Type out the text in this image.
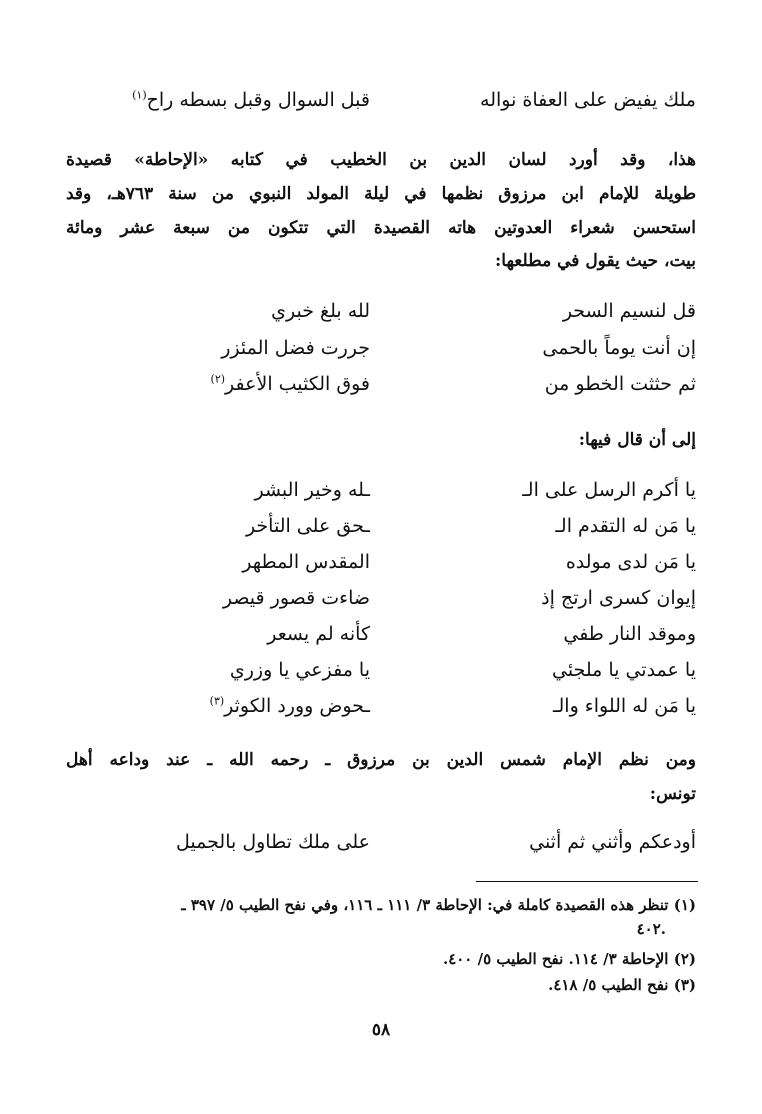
ملك يفيض على العفاة نواله
قبل السوال وقبل بسطه راح$^{(١)}$
هذا، وقد أورد لسان الدين بن الخطيب في كتابه «الإحاطة» قصيدة
طويلة للإمام ابن مرزوق نظمها في ليلة المولد النبوي من سنة ٧٦٣هـ، وقد
استحسن شعراء العدوتين هاته القصيدة التي تتكون من سبعة عشر ومائة
بيت، حيث يقول في مطلعها:
قل لنسيم السحر
لله بلغ خبري
إن أنت يوماً بالحمى
جررت فضل المئزر
ثم حثثت الخطو من
فوق الكثيب الأعفر$^{(٢)}$
إلى أن قال فيها:
يا أكرم الرسل على الـ
ـله وخير البشر
يا مَن له التقدم الـ
ـحق على التأخر
يا مَن لدى مولده
المقدس المطهر
إيوان كسرى ارتج إذ
ضاءت قصور قيصر
وموقد النار طفي
كأنه لم يسعر
يا عمدتي يا ملجئي
يا مفزعي يا وزري
يا مَن له اللواء والـ
ـحوض وورد الكوثر$^{(٣)}$
ومن نظم الإمام شمس الدين بن مرزوق ـ رحمه الله ـ عند وداعه أهل
تونس:
أودعكم وأثني ثم أثني
على ملك تطاول بالجميل
(١) تنظر هذه القصيدة كاملة في: الإحاطة ٣/ ١١١ ـ ١١٦، وفي نفح الطيب ٥/ ٣٩٧ ـ
٤٠٢.
(٢) الإحاطة ٣/ ١١٤. نفح الطيب ٥/ ٤٠٠.
(٣) نفح الطيب ٥/ ٤١٨.
٥٨
